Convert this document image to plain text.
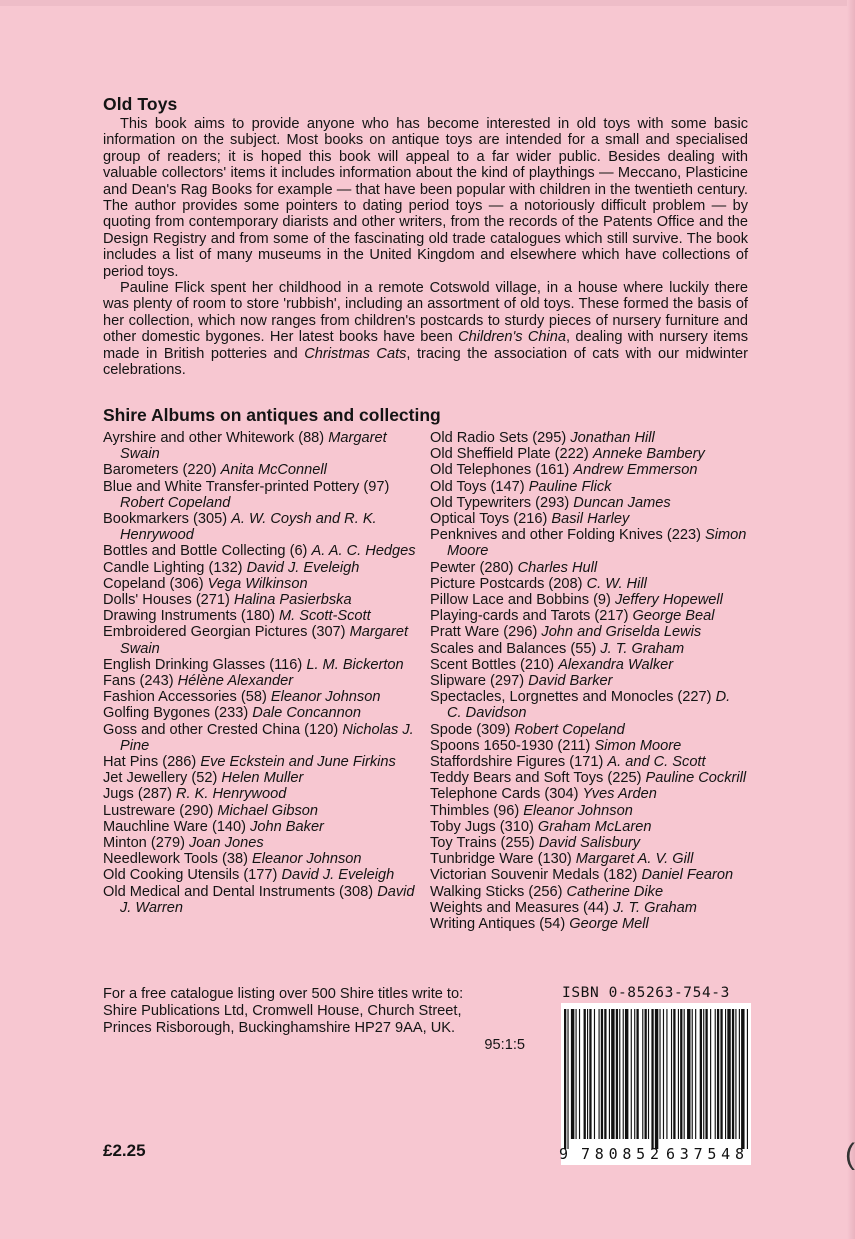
Old Toys

This book aims to provide anyone who has become interested in old toys with some basic information on the subject. Most books on antique toys are intended for a small and specialised group of readers; it is hoped this book will appeal to a far wider public. Besides dealing with valuable collectors' items it includes information about the kind of playthings — Meccano, Plasticine and Dean's Rag Books for example — that have been popular with children in the twentieth century. The author provides some pointers to dating period toys — a notoriously difficult problem — by quoting from contemporary diarists and other writers, from the records of the Patents Office and the Design Registry and from some of the fascinating old trade catalogues which still survive. The book includes a list of many museums in the United Kingdom and elsewhere which have collections of period toys.

Pauline Flick spent her childhood in a remote Cotswold village, in a house where luckily there was plenty of room to store 'rubbish', including an assortment of old toys. These formed the basis of her collection, which now ranges from children's postcards to sturdy pieces of nursery furniture and other domestic bygones. Her latest books have been Children's China, dealing with nursery items made in British potteries and Christmas Cats, tracing the association of cats with our midwinter celebrations.

Shire Albums on antiques and collecting
Ayrshire and other Whitework (88) Margaret Swain
Barometers (220) Anita McConnell
Blue and White Transfer-printed Pottery (97) Robert Copeland
Bookmarkers (305) A. W. Coysh and R. K. Henrywood
Bottles and Bottle Collecting (6) A. A. C. Hedges
Candle Lighting (132) David J. Eveleigh
Copeland (306) Vega Wilkinson
Dolls' Houses (271) Halina Pasierbska
Drawing Instruments (180) M. Scott-Scott
Embroidered Georgian Pictures (307) Margaret Swain
English Drinking Glasses (116) L. M. Bickerton
Fans (243) Hélène Alexander
Fashion Accessories (58) Eleanor Johnson
Golfing Bygones (233) Dale Concannon
Goss and other Crested China (120) Nicholas J. Pine
Hat Pins (286) Eve Eckstein and June Firkins
Jet Jewellery (52) Helen Muller
Jugs (287) R. K. Henrywood
Lustreware (290) Michael Gibson
Mauchline Ware (140) John Baker
Minton (279) Joan Jones
Needlework Tools (38) Eleanor Johnson
Old Cooking Utensils (177) David J. Eveleigh
Old Medical and Dental Instruments (308) David J. Warren
Old Radio Sets (295) Jonathan Hill
Old Sheffield Plate (222) Anneke Bambery
Old Telephones (161) Andrew Emmerson
Old Toys (147) Pauline Flick
Old Typewriters (293) Duncan James
Optical Toys (216) Basil Harley
Penknives and other Folding Knives (223) Simon Moore
Pewter (280) Charles Hull
Picture Postcards (208) C. W. Hill
Pillow Lace and Bobbins (9) Jeffery Hopewell
Playing-cards and Tarots (217) George Beal
Pratt Ware (296) John and Griselda Lewis
Scales and Balances (55) J. T. Graham
Scent Bottles (210) Alexandra Walker
Slipware (297) David Barker
Spectacles, Lorgnettes and Monocles (227) D. C. Davidson
Spode (309) Robert Copeland
Spoons 1650-1930 (211) Simon Moore
Staffordshire Figures (171) A. and C. Scott
Teddy Bears and Soft Toys (225) Pauline Cockrill
Telephone Cards (304) Yves Arden
Thimbles (96) Eleanor Johnson
Toby Jugs (310) Graham McLaren
Toy Trains (255) David Salisbury
Tunbridge Ware (130) Margaret A. V. Gill
Victorian Souvenir Medals (182) Daniel Fearon
Walking Sticks (256) Catherine Dike
Weights and Measures (44) J. T. Graham
Writing Antiques (54) George Mell
For a free catalogue listing over 500 Shire titles write to:
Shire Publications Ltd, Cromwell House, Church Street,
Princes Risborough, Buckinghamshire HP27 9AA, UK.
95:1:5
ISBN 0-85263-754-3
9 780852 637548
£2.25	(
